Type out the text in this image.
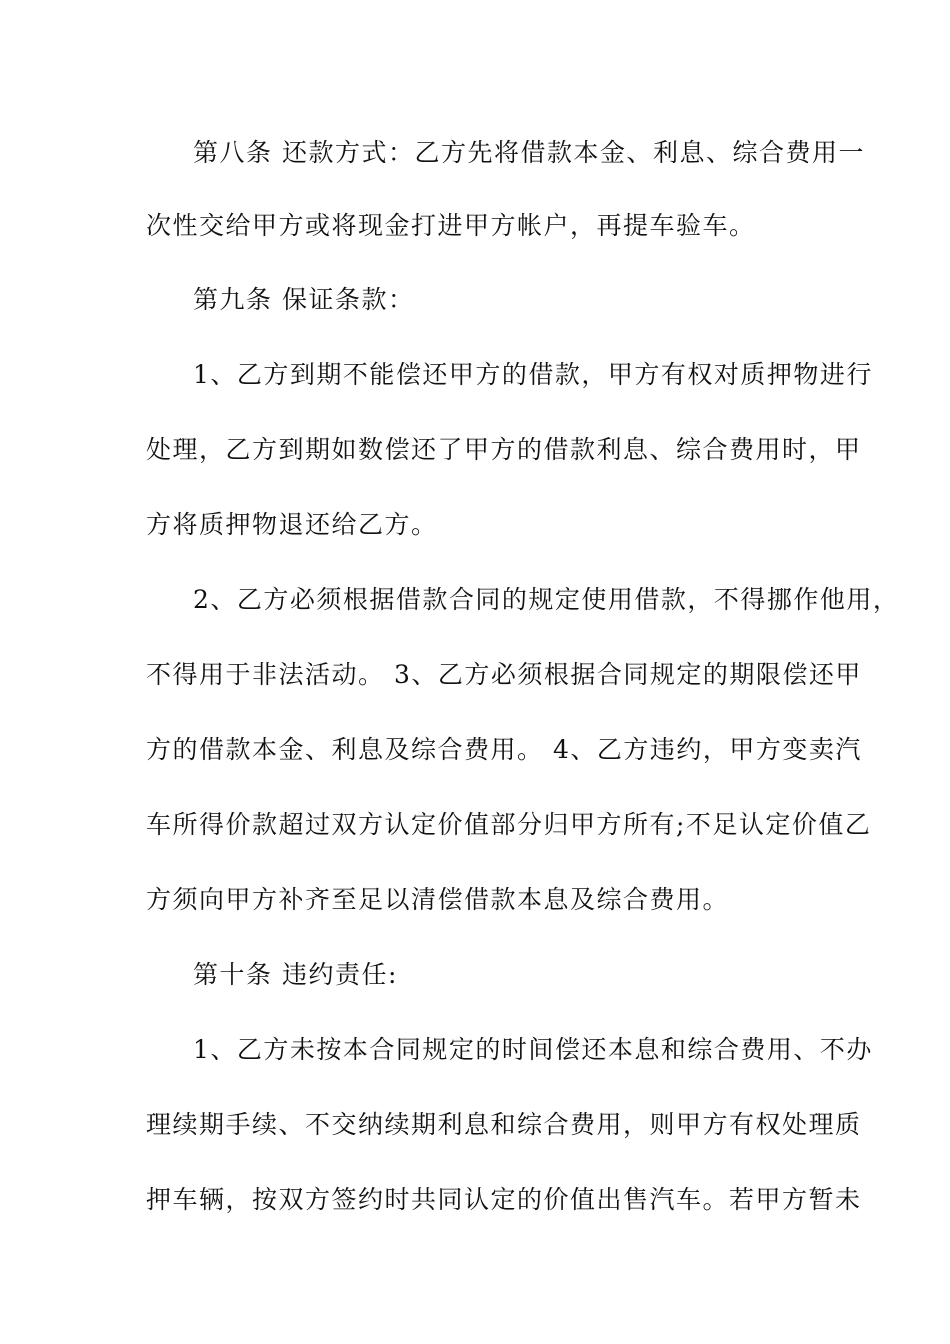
第八条 还款方式：乙方先将借款本金、利息、综合费用一
次性交给甲方或将现金打进甲方帐户，再提车验车。
第九条 保证条款：
1、乙方到期不能偿还甲方的借款，甲方有权对质押物进行
处理，乙方到期如数偿还了甲方的借款利息、综合费用时，甲
方将质押物退还给乙方。
2、乙方必须根据借款合同的规定使用借款，不得挪作他用，
不得用于非法活动。 3、乙方必须根据合同规定的期限偿还甲
方的借款本金、利息及综合费用。 4、乙方违约，甲方变卖汽
车所得价款超过双方认定价值部分归甲方所有;不足认定价值乙
方须向甲方补齐至足以清偿借款本息及综合费用。
第十条 违约责任:
1、乙方未按本合同规定的时间偿还本息和综合费用、不办
理续期手续、不交纳续期利息和综合费用，则甲方有权处理质
押车辆，按双方签约时共同认定的价值出售汽车。若甲方暂未
